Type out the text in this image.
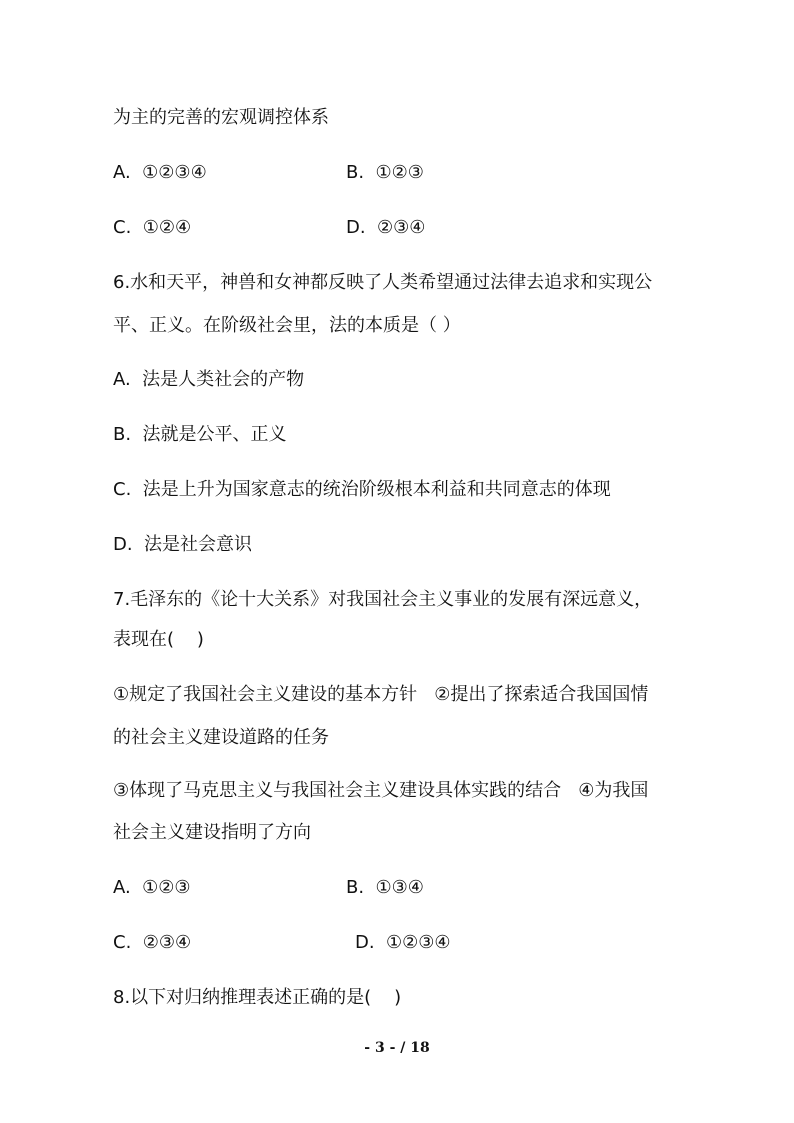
为主的完善的宏观调控体系
A.  ①②③④	B.  ①②③
C.  ①②④	D.  ②③④
6.水和天平，神兽和女神都反映了人类希望通过法律去追求和实现公
平、正义。在阶级社会里，法的本质是（ ）
A.  法是人类社会的产物
B.  法就是公平、正义
C.  法是上升为国家意志的统治阶级根本利益和共同意志的体现
D.  法是社会意识
7.毛泽东的《论十大关系》对我国社会主义事业的发展有深远意义，
表现在(    )
①规定了我国社会主义建设的基本方针   ②提出了探索适合我国国情
的社会主义建设道路的任务
③体现了马克思主义与我国社会主义建设具体实践的结合   ④为我国
社会主义建设指明了方向
A.  ①②③	B.  ①③④
C.  ②③④	D.  ①②③④
8.以下对归纳推理表述正确的是(    )
- 3 - / 18
